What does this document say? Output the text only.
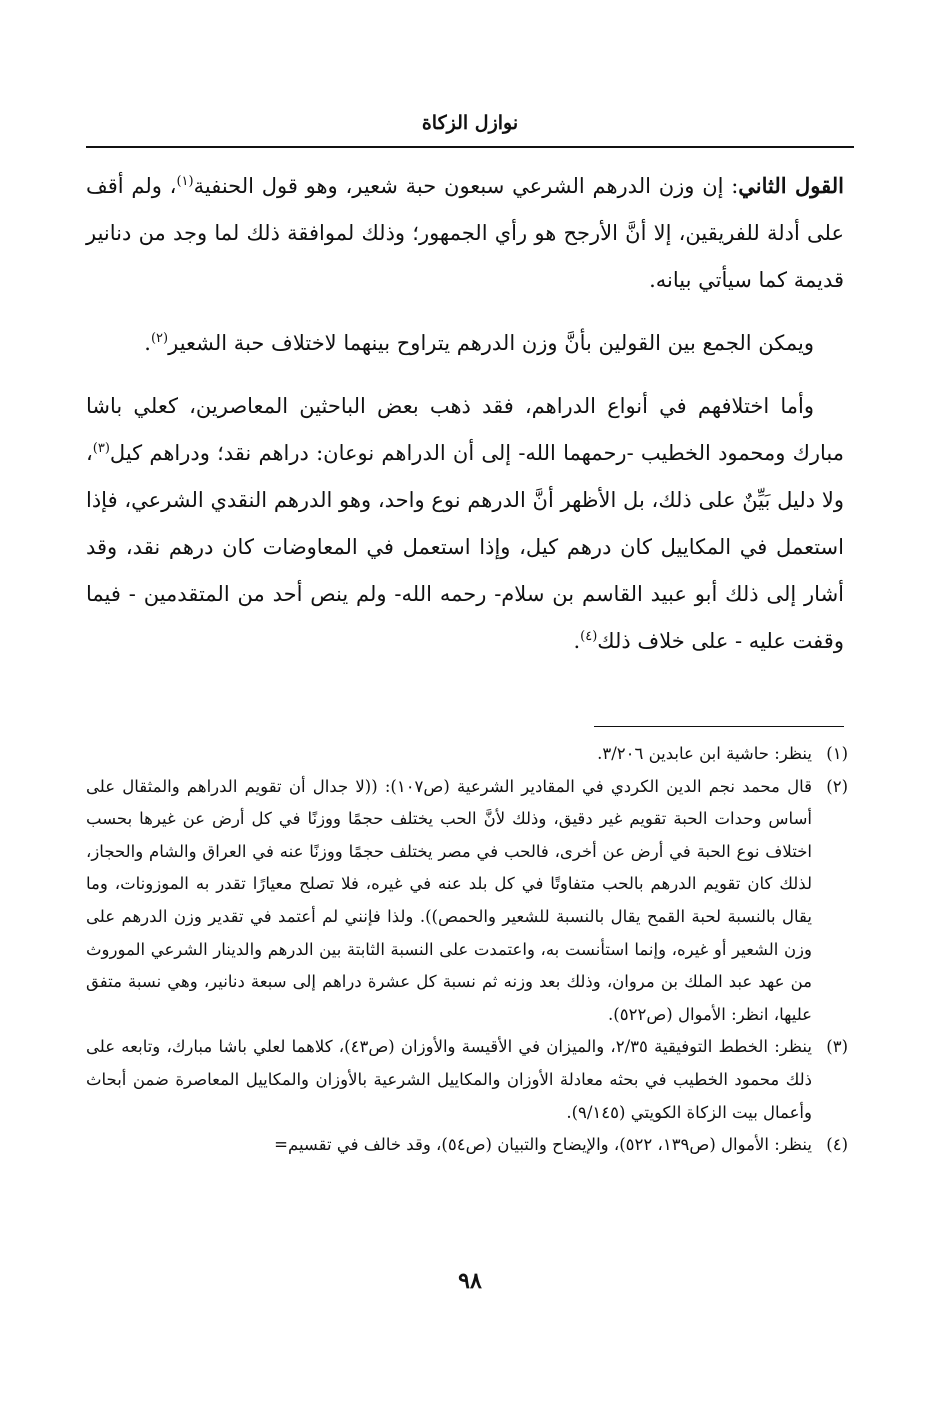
نوازل الزكاة

القول الثاني: إن وزن الدرهم الشرعي سبعون حبة شعير، وهو قول الحنفية$^{(١)}$، ولم أقف على أدلة للفريقين، إلا أنَّ الأرجح هو رأي الجمهور؛ وذلك لموافقة ذلك لما وجد من دنانير قديمة كما سيأتي بيانه.

ويمكن الجمع بين القولين بأنَّ وزن الدرهم يتراوح بينهما لاختلاف حبة الشعير$^{(٢)}$.

وأما اختلافهم في أنواع الدراهم، فقد ذهب بعض الباحثين المعاصرين، كعلي باشا مبارك ومحمود الخطيب -رحمهما الله- إلى أن الدراهم نوعان: دراهم نقد؛ ودراهم كيل$^{(٣)}$، ولا دليل بَيِّنٌ على ذلك، بل الأظهر أنَّ الدرهم نوع واحد، وهو الدرهم النقدي الشرعي، فإذا استعمل في المكاييل كان درهم كيل، وإذا استعمل في المعاوضات كان درهم نقد، وقد أشار إلى ذلك أبو عبيد القاسم بن سلام- رحمه الله- ولم ينص أحد من المتقدمين - فيما وقفت عليه - على خلاف ذلك$^{(٤)}$.

(١)
ينظر: حاشية ابن عابدين ٣/٢٠٦.
(٢)
قال محمد نجم الدين الكردي في المقادير الشرعية (ص١٠٧): ((لا جدال أن تقويم الدراهم والمثقال على أساس وحدات الحبة تقويم غير دقيق، وذلك لأنَّ الحب يختلف حجمًا ووزنًا في كل أرض عن غيرها بحسب اختلاف نوع الحبة في أرض عن أخرى، فالحب في مصر يختلف حجمًا ووزنًا عنه في العراق والشام والحجاز، لذلك كان تقويم الدرهم بالحب متفاوتًا في كل بلد عنه في غيره، فلا تصلح معيارًا تقدر به الموزونات، وما يقال بالنسبة لحبة القمح يقال بالنسبة للشعير والحمص)). ولذا فإنني لم أعتمد في تقدير وزن الدرهم على وزن الشعير أو غيره، وإنما استأنست به، واعتمدت على النسبة الثابتة بين الدرهم والدينار الشرعي الموروث من عهد عبد الملك بن مروان، وذلك بعد وزنه ثم نسبة كل عشرة دراهم إلى سبعة دنانير، وهي نسبة متفق عليها، انظر: الأموال (ص٥٢٢).
(٣)
ينظر: الخطط التوفيقية ٢/٣٥، والميزان في الأقيسة والأوزان (ص٤٣)، كلاهما لعلي باشا مبارك، وتابعه على ذلك محمود الخطيب في بحثه معادلة الأوزان والمكاييل الشرعية بالأوزان والمكاييل المعاصرة ضمن أبحاث وأعمال بيت الزكاة الكويتي (٩/١٤٥).
(٤)
ينظر: الأموال (ص١٣٩، ٥٢٢)، والإيضاح والتبيان (ص٥٤)، وقد خالف في تقسيم=
٩٨
